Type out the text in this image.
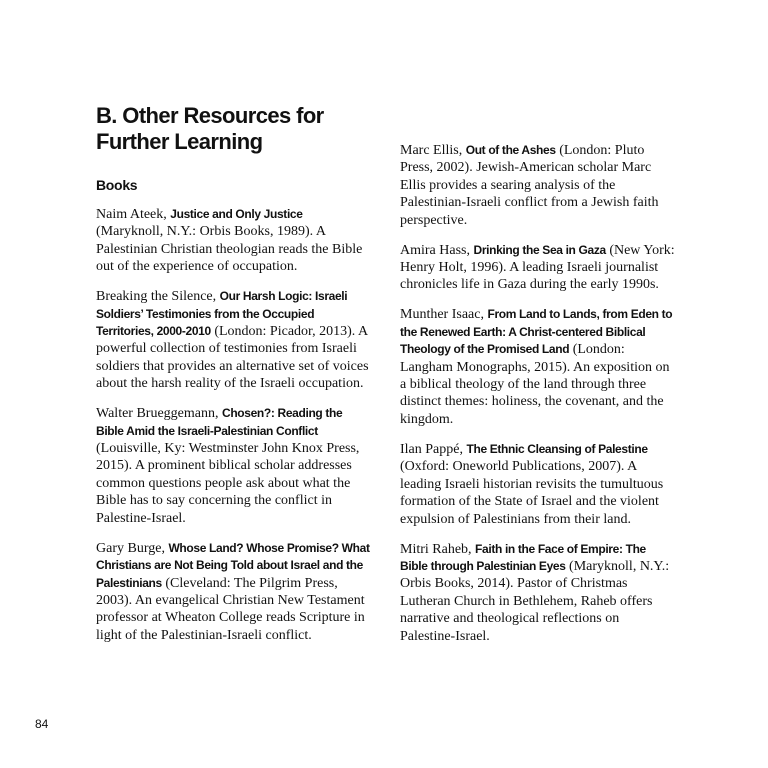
B. Other Resources for Further Learning
Books

Naim Ateek, Justice and Only Justice (Maryknoll, N.Y.: Orbis Books, 1989). A Palestinian Christian theologian reads the Bible out of the experience of occupation.

Breaking the Silence, Our Harsh Logic: Israeli Soldiers’ Testimonies from the Occupied Territories, 2000-2010 (London: Picador, 2013). A powerful collection of testimonies from Israeli soldiers that provides an alternative set of voices about the harsh reality of the Israeli occupation.

Walter Brueggemann, Chosen?: Reading the Bible Amid the Israeli-Palestinian Conflict (Louisville, Ky: Westminster John Knox Press, 2015). A prominent biblical scholar addresses common questions people ask about what the Bible has to say concerning the conflict in Palestine-Israel.

Gary Burge, Whose Land? Whose Promise? What Christians are Not Being Told about Israel and the Palestinians (Cleveland: The Pilgrim Press, 2003). An evangelical Christian New Testament professor at Wheaton College reads Scripture in light of the Palestinian-Israeli conflict.

Marc Ellis, Out of the Ashes (London: Pluto Press, 2002). Jewish-American scholar Marc Ellis provides a searing analysis of the Palestinian-Israeli conflict from a Jewish faith perspective.

Amira Hass, Drinking the Sea in Gaza (New York: Henry Holt, 1996). A leading Israeli journalist chronicles life in Gaza during the early 1990s.

Munther Isaac, From Land to Lands, from Eden to the Renewed Earth: A Christ-centered Biblical Theology of the Promised Land (London: Langham Monographs, 2015). An exposition on a biblical theology of the land through three distinct themes: holiness, the covenant, and the kingdom.

Ilan Pappé, The Ethnic Cleansing of Palestine (Oxford: Oneworld Publications, 2007). A leading Israeli historian revisits the tumultuous formation of the State of Israel and the violent expulsion of Palestinians from their land.

Mitri Raheb, Faith in the Face of Empire: The Bible through Palestinian Eyes (Maryknoll, N.Y.: Orbis Books, 2014). Pastor of Christmas Lutheran Church in Bethlehem, Raheb offers narrative and theological reflections on Palestine-Israel.

84
